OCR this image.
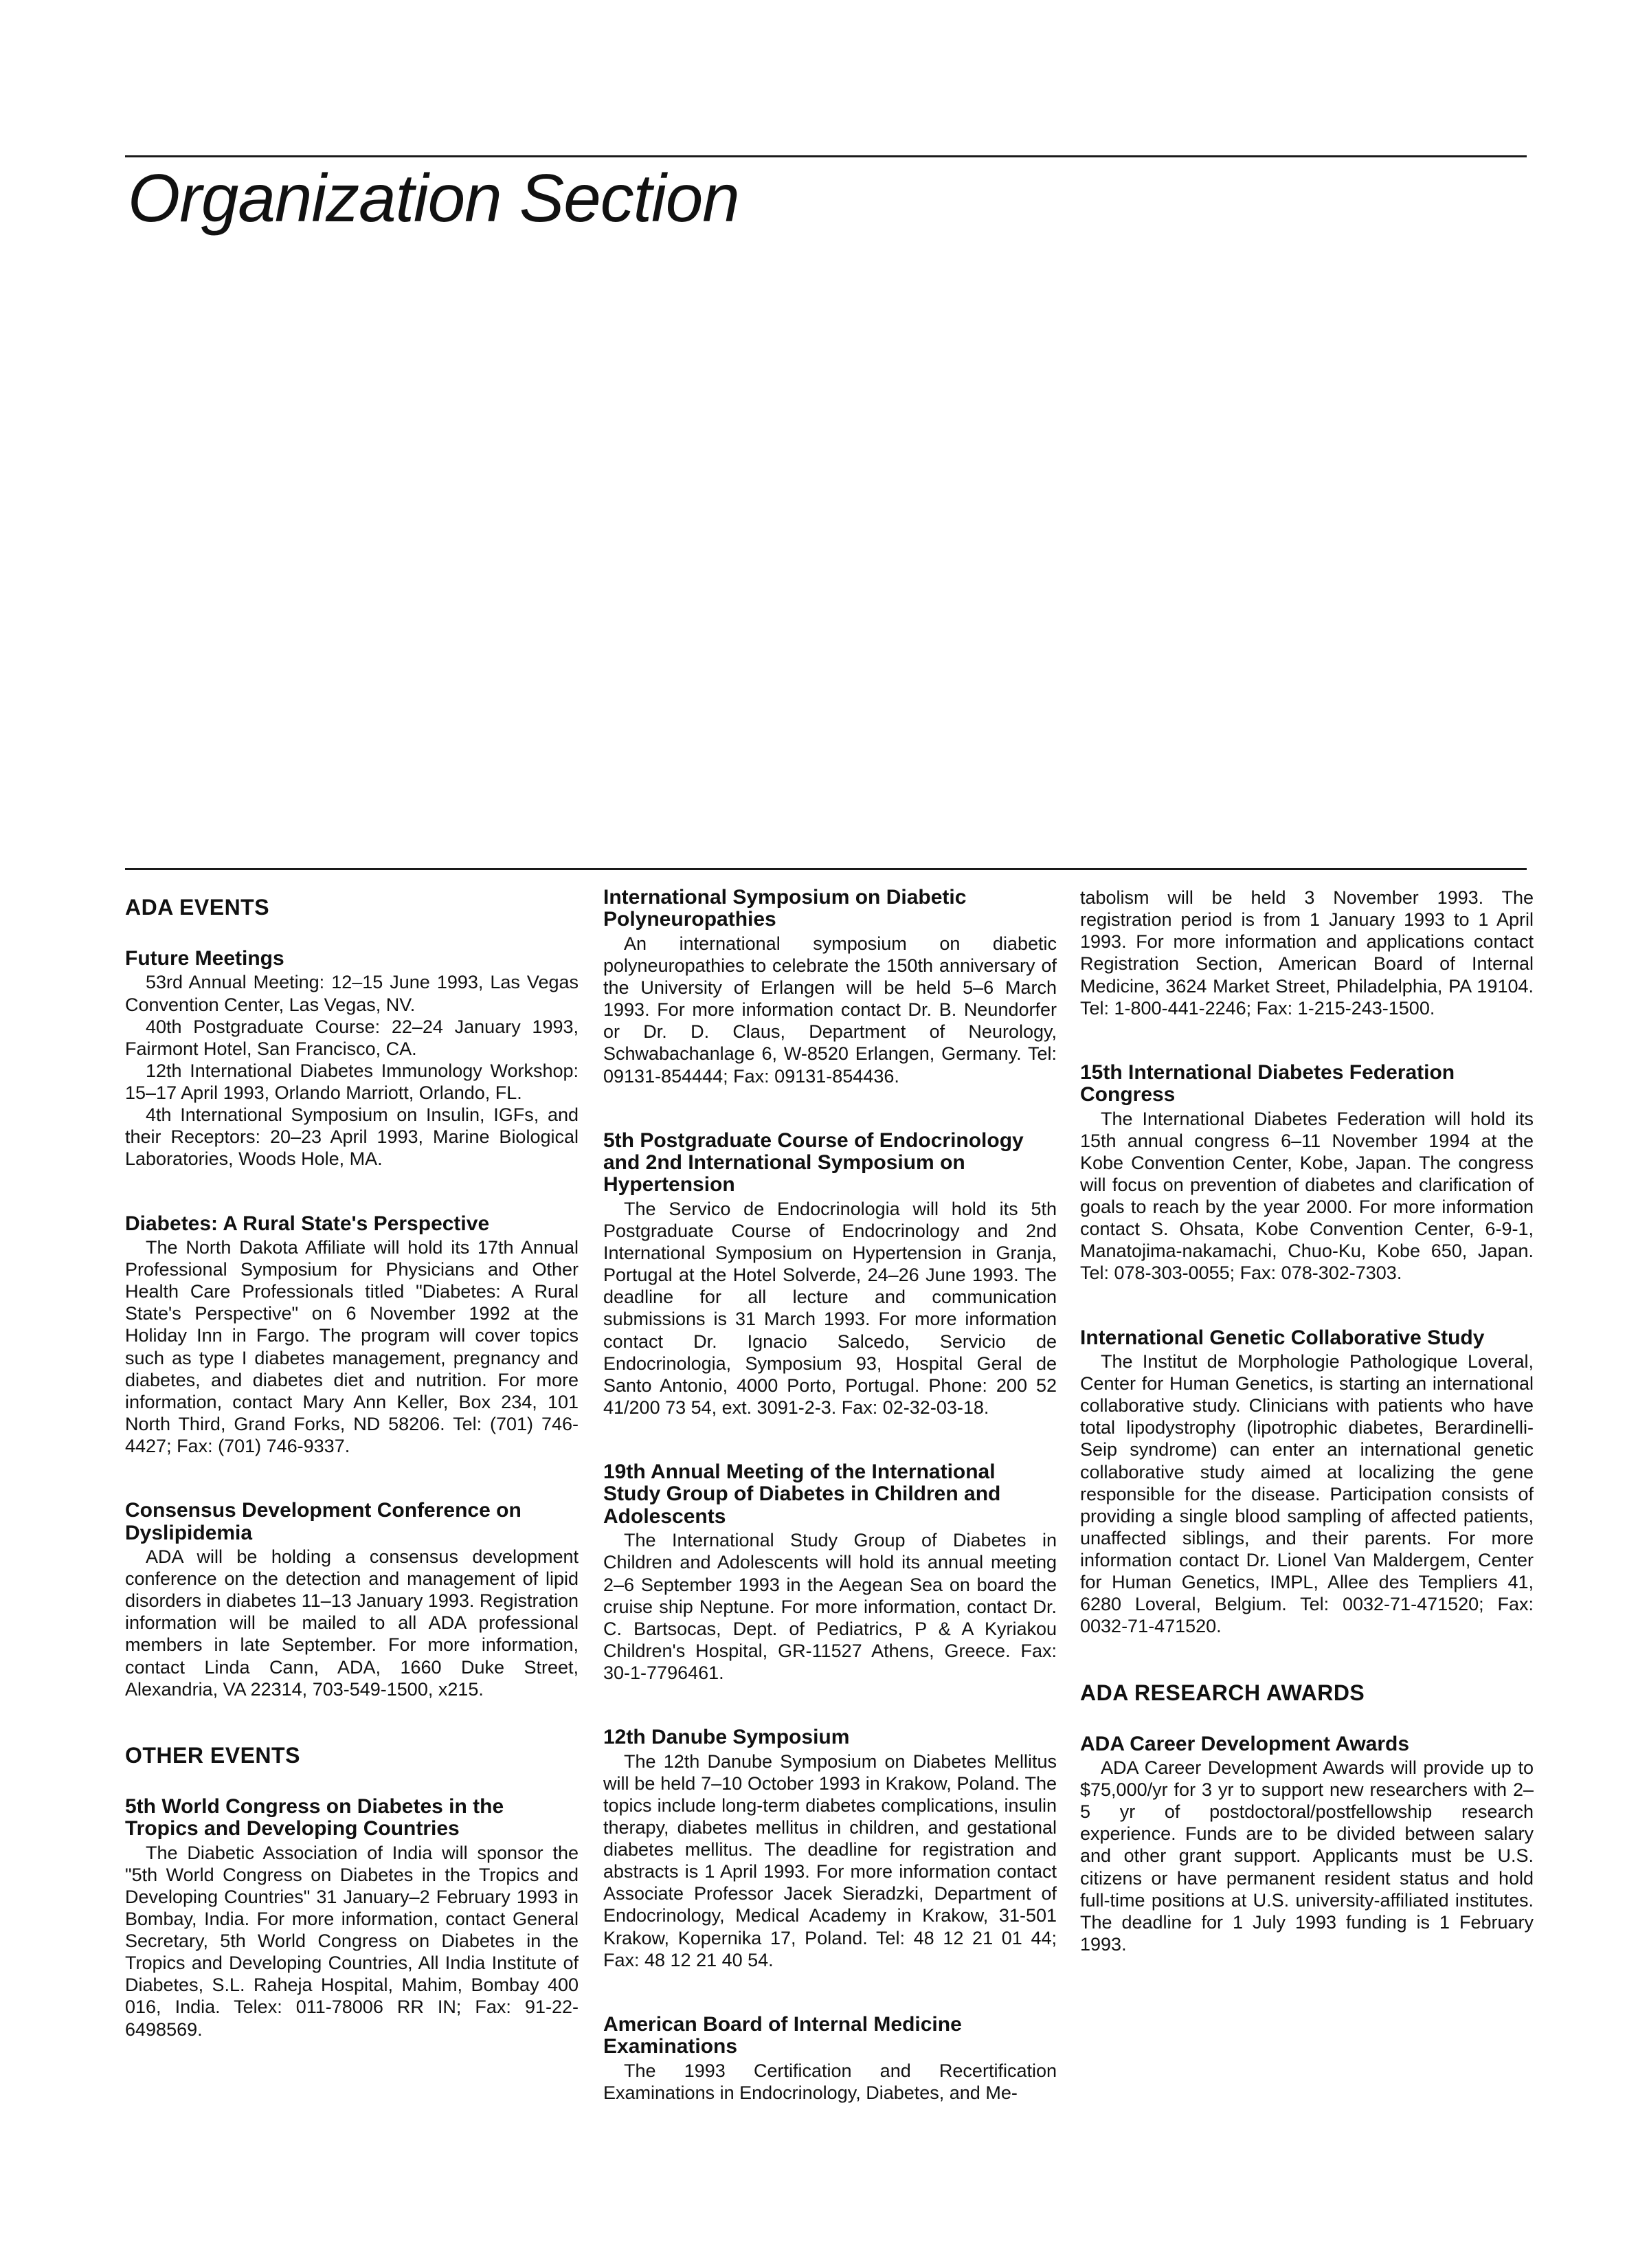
Organization Section
ADA EVENTS
Future Meetings

53rd Annual Meeting: 12–15 June 1993, Las Vegas Convention Center, Las Vegas, NV.

40th Postgraduate Course: 22–24 January 1993, Fairmont Hotel, San Francisco, CA.

12th International Diabetes Immunology Workshop: 15–17 April 1993, Orlando Marriott, Orlando, FL.

4th International Symposium on Insulin, IGFs, and their Receptors: 20–23 April 1993, Marine Biological Laboratories, Woods Hole, MA.

Diabetes: A Rural State's Perspective

The North Dakota Affiliate will hold its 17th Annual Professional Symposium for Physicians and Other Health Care Professionals titled "Diabetes: A Rural State's Perspective" on 6 November 1992 at the Holiday Inn in Fargo. The program will cover topics such as type I diabetes management, pregnancy and diabetes, and diabetes diet and nutrition. For more information, contact Mary Ann Keller, Box 234, 101 North Third, Grand Forks, ND 58206. Tel: (701) 746-4427; Fax: (701) 746-9337.

Consensus Development Conference on Dyslipidemia

ADA will be holding a consensus development conference on the detection and management of lipid disorders in diabetes 11–13 January 1993. Registration information will be mailed to all ADA professional members in late September. For more information, contact Linda Cann, ADA, 1660 Duke Street, Alexandria, VA 22314, 703-549-1500, x215.

OTHER EVENTS
5th World Congress on Diabetes in the Tropics and Developing Countries

The Diabetic Association of India will sponsor the "5th World Congress on Diabetes in the Tropics and Developing Countries" 31 January–2 February 1993 in Bombay, India. For more information, contact General Secretary, 5th World Congress on Diabetes in the Tropics and Developing Countries, All India Institute of Diabetes, S.L. Raheja Hospital, Mahim, Bombay 400 016, India. Telex: 011-78006 RR IN; Fax: 91-22-6498569.

International Symposium on Diabetic Polyneuropathies

An international symposium on diabetic polyneuropathies to celebrate the 150th anniversary of the University of Erlangen will be held 5–6 March 1993. For more information contact Dr. B. Neundorfer or Dr. D. Claus, Department of Neurology, Schwabachanlage 6, W-8520 Erlangen, Germany. Tel: 09131-854444; Fax: 09131-854436.

5th Postgraduate Course of Endocrinology and 2nd International Symposium on Hypertension

The Servico de Endocrinologia will hold its 5th Postgraduate Course of Endocrinology and 2nd International Symposium on Hypertension in Granja, Portugal at the Hotel Solverde, 24–26 June 1993. The deadline for all lecture and communication submissions is 31 March 1993. For more information contact Dr. Ignacio Salcedo, Servicio de Endocrinologia, Symposium 93, Hospital Geral de Santo Antonio, 4000 Porto, Portugal. Phone: 200 52 41/200 73 54, ext. 3091-2-3. Fax: 02-32-03-18.

19th Annual Meeting of the International Study Group of Diabetes in Children and Adolescents

The International Study Group of Diabetes in Children and Adolescents will hold its annual meeting 2–6 September 1993 in the Aegean Sea on board the cruise ship Neptune. For more information, contact Dr. C. Bartsocas, Dept. of Pediatrics, P & A Kyriakou Children's Hospital, GR-11527 Athens, Greece. Fax: 30-1-7796461.

12th Danube Symposium

The 12th Danube Symposium on Diabetes Mellitus will be held 7–10 October 1993 in Krakow, Poland. The topics include long-term diabetes complications, insulin therapy, diabetes mellitus in children, and gestational diabetes mellitus. The deadline for registration and abstracts is 1 April 1993. For more information contact Associate Professor Jacek Sieradzki, Department of Endocrinology, Medical Academy in Krakow, 31-501 Krakow, Kopernika 17, Poland. Tel: 48 12 21 01 44; Fax: 48 12 21 40 54.

American Board of Internal Medicine Examinations

The 1993 Certification and Recertification Examinations in Endocrinology, Diabetes, and Me-

tabolism will be held 3 November 1993. The registration period is from 1 January 1993 to 1 April 1993. For more information and applications contact Registration Section, American Board of Internal Medicine, 3624 Market Street, Philadelphia, PA 19104. Tel: 1-800-441-2246; Fax: 1-215-243-1500.

15th International Diabetes Federation Congress

The International Diabetes Federation will hold its 15th annual congress 6–11 November 1994 at the Kobe Convention Center, Kobe, Japan. The congress will focus on prevention of diabetes and clarification of goals to reach by the year 2000. For more information contact S. Ohsata, Kobe Convention Center, 6-9-1, Manatojima-nakamachi, Chuo-Ku, Kobe 650, Japan. Tel: 078-303-0055; Fax: 078-302-7303.

International Genetic Collaborative Study

The Institut de Morphologie Pathologique Loveral, Center for Human Genetics, is starting an international collaborative study. Clinicians with patients who have total lipodystrophy (lipotrophic diabetes, Berardinelli-Seip syndrome) can enter an international genetic collaborative study aimed at localizing the gene responsible for the disease. Participation consists of providing a single blood sampling of affected patients, unaffected siblings, and their parents. For more information contact Dr. Lionel Van Maldergem, Center for Human Genetics, IMPL, Allee des Templiers 41, 6280 Loveral, Belgium. Tel: 0032-71-471520; Fax: 0032-71-471520.

ADA RESEARCH AWARDS
ADA Career Development Awards

ADA Career Development Awards will provide up to $75,000/yr for 3 yr to support new researchers with 2–5 yr of postdoctoral/postfellowship research experience. Funds are to be divided between salary and other grant support. Applicants must be U.S. citizens or have permanent resident status and hold full-time positions at U.S. university-affiliated institutes. The deadline for 1 July 1993 funding is 1 February 1993.
